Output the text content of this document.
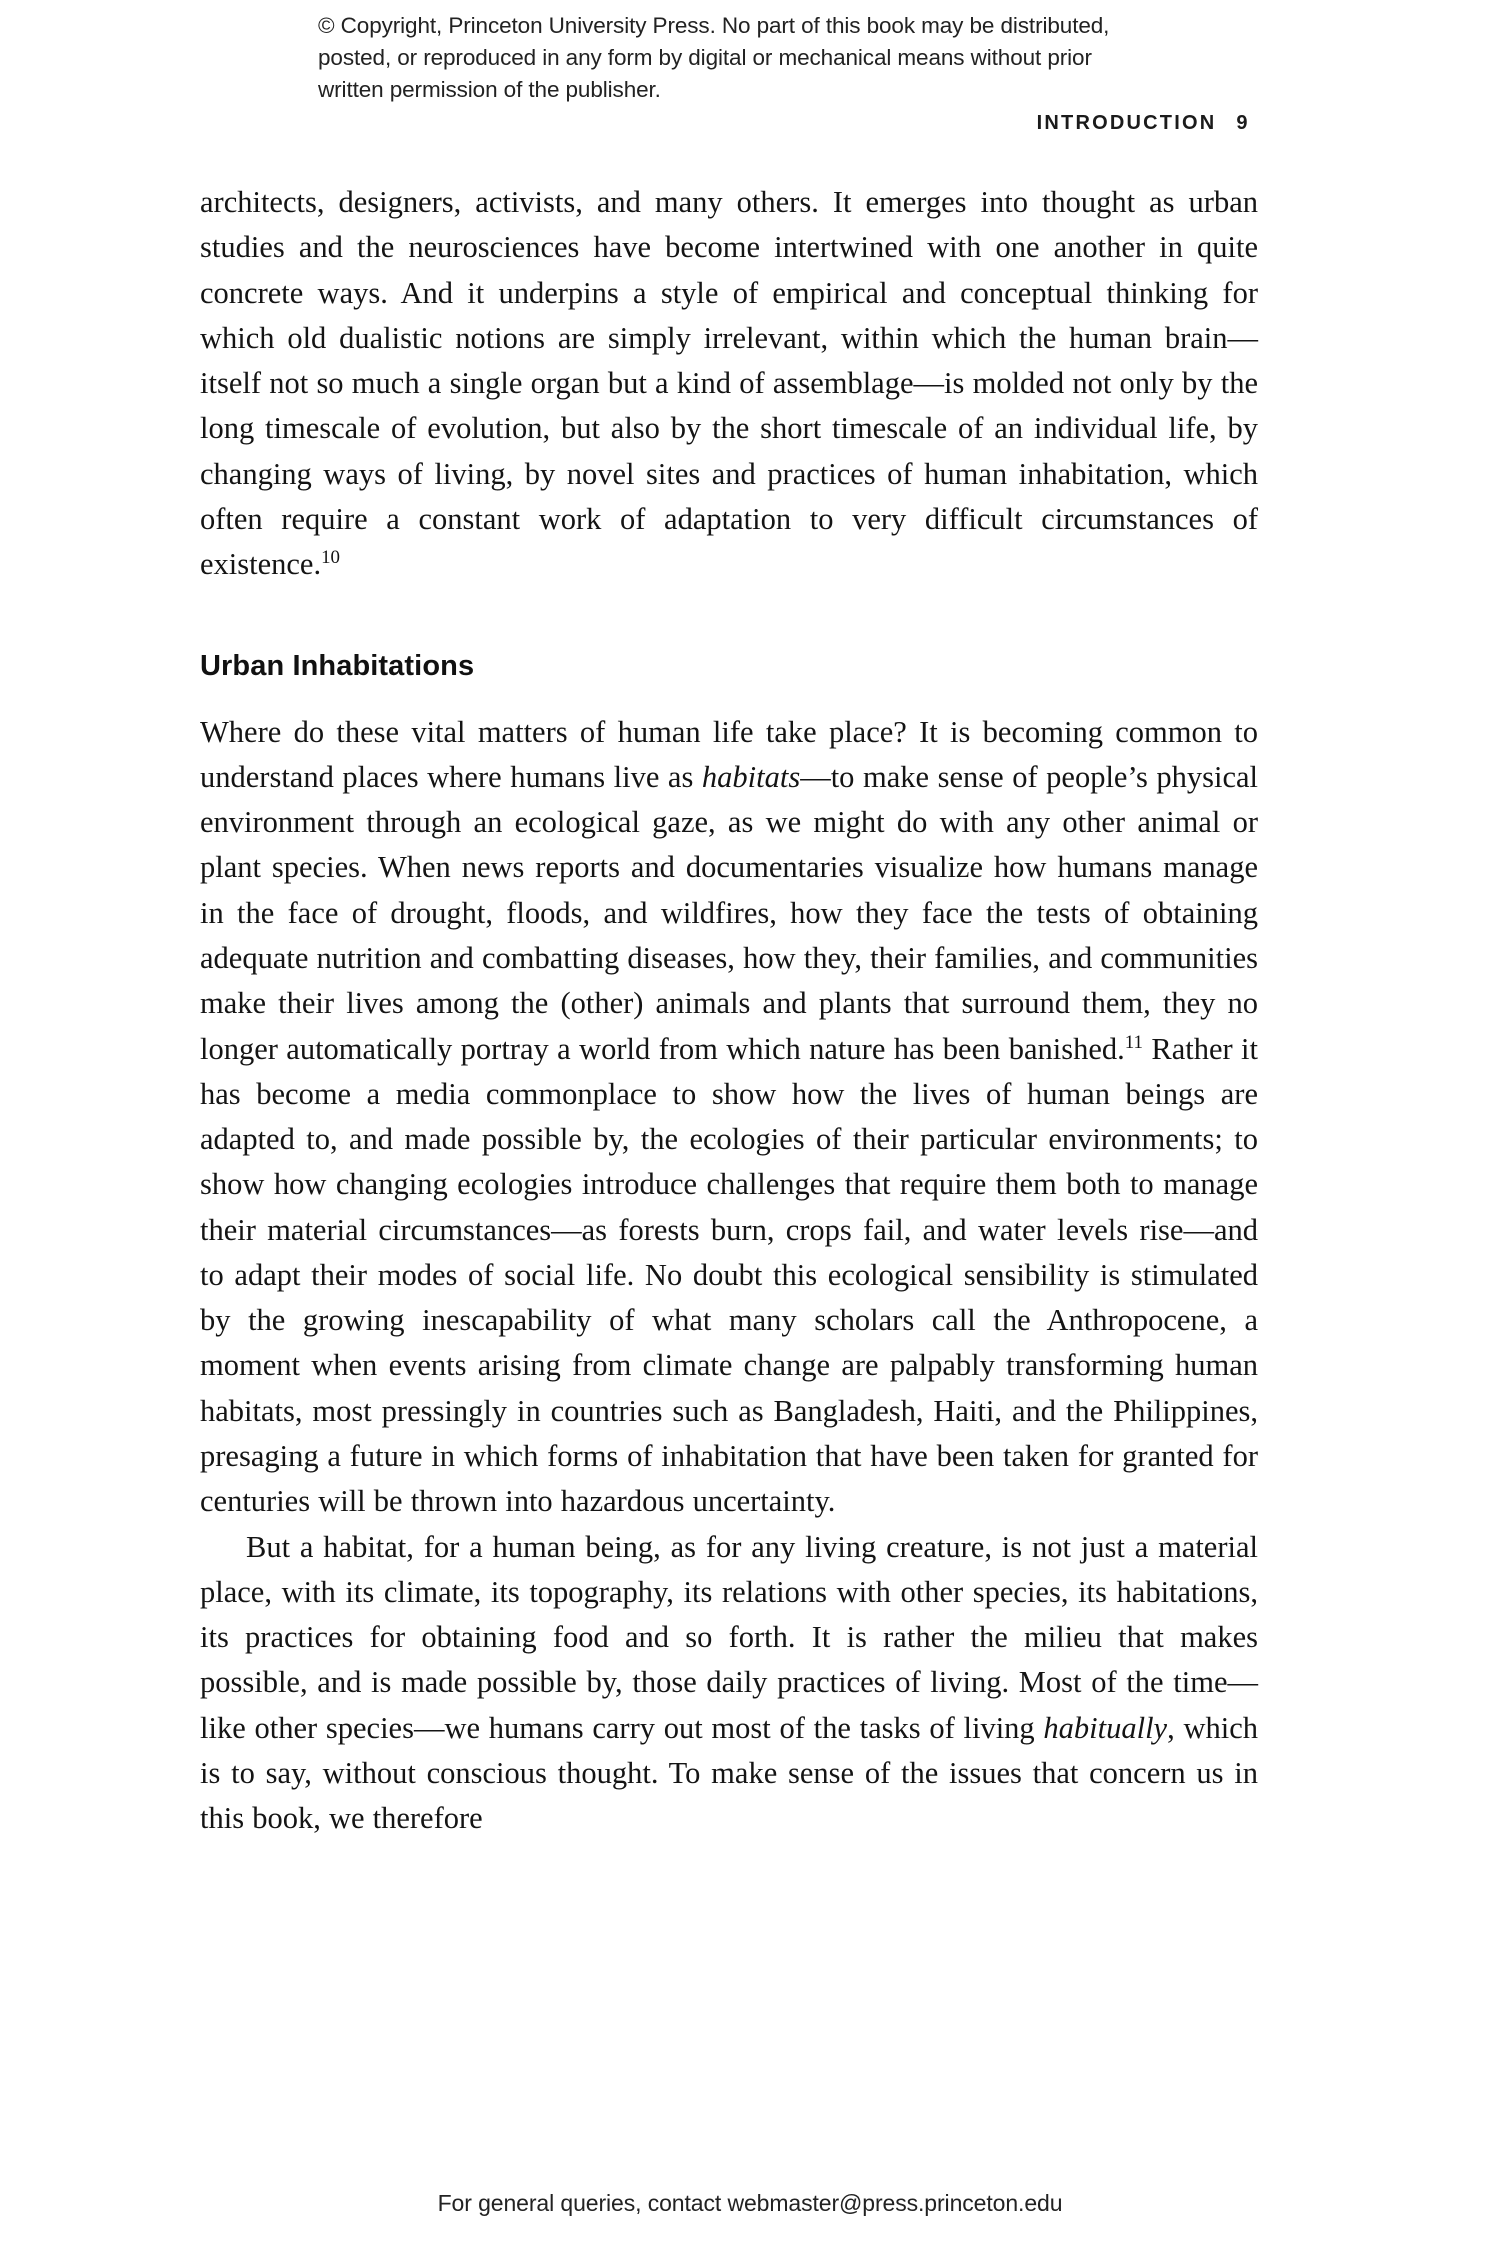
© Copyright, Princeton University Press. No part of this book may be distributed, posted, or reproduced in any form by digital or mechanical means without prior written permission of the publisher.
INTRODUCTION 9

architects, designers, activists, and many others. It emerges into thought as urban studies and the neurosciences have become intertwined with one another in quite concrete ways. And it underpins a style of empirical and conceptual thinking for which old dualistic notions are simply irrelevant, within which the human brain—itself not so much a single organ but a kind of assemblage—is molded not only by the long timescale of evolution, but also by the short timescale of an individual life, by changing ways of living, by novel sites and practices of human inhabitation, which often require a constant work of adaptation to very difficult circumstances of existence.$^{10}$

Urban Inhabitations

Where do these vital matters of human life take place? It is becoming common to understand places where humans live as habitats—to make sense of people’s physical environment through an ecological gaze, as we might do with any other animal or plant species. When news reports and documentaries visualize how humans manage in the face of drought, floods, and wildfires, how they face the tests of obtaining adequate nutrition and combatting diseases, how they, their families, and communities make their lives among the (other) animals and plants that surround them, they no longer automatically portray a world from which nature has been banished.$^{11}$ Rather it has become a media commonplace to show how the lives of human beings are adapted to, and made possible by, the ecologies of their particular environments; to show how changing ecologies introduce challenges that require them both to manage their material circumstances—as forests burn, crops fail, and water levels rise—and to adapt their modes of social life. No doubt this ecological sensibility is stimulated by the growing inescapability of what many scholars call the Anthropocene, a moment when events arising from climate change are palpably transforming human habitats, most pressingly in countries such as Bangladesh, Haiti, and the Philippines, presaging a future in which forms of inhabitation that have been taken for granted for centuries will be thrown into hazardous uncertainty.

But a habitat, for a human being, as for any living creature, is not just a material place, with its climate, its topography, its relations with other species, its habitations, its practices for obtaining food and so forth. It is rather the milieu that makes possible, and is made possible by, those daily practices of living. Most of the time—like other species—we humans carry out most of the tasks of living habitually, which is to say, without conscious thought. To make sense of the issues that concern us in this book, we therefore

For general queries, contact webmaster@press.princeton.edu
